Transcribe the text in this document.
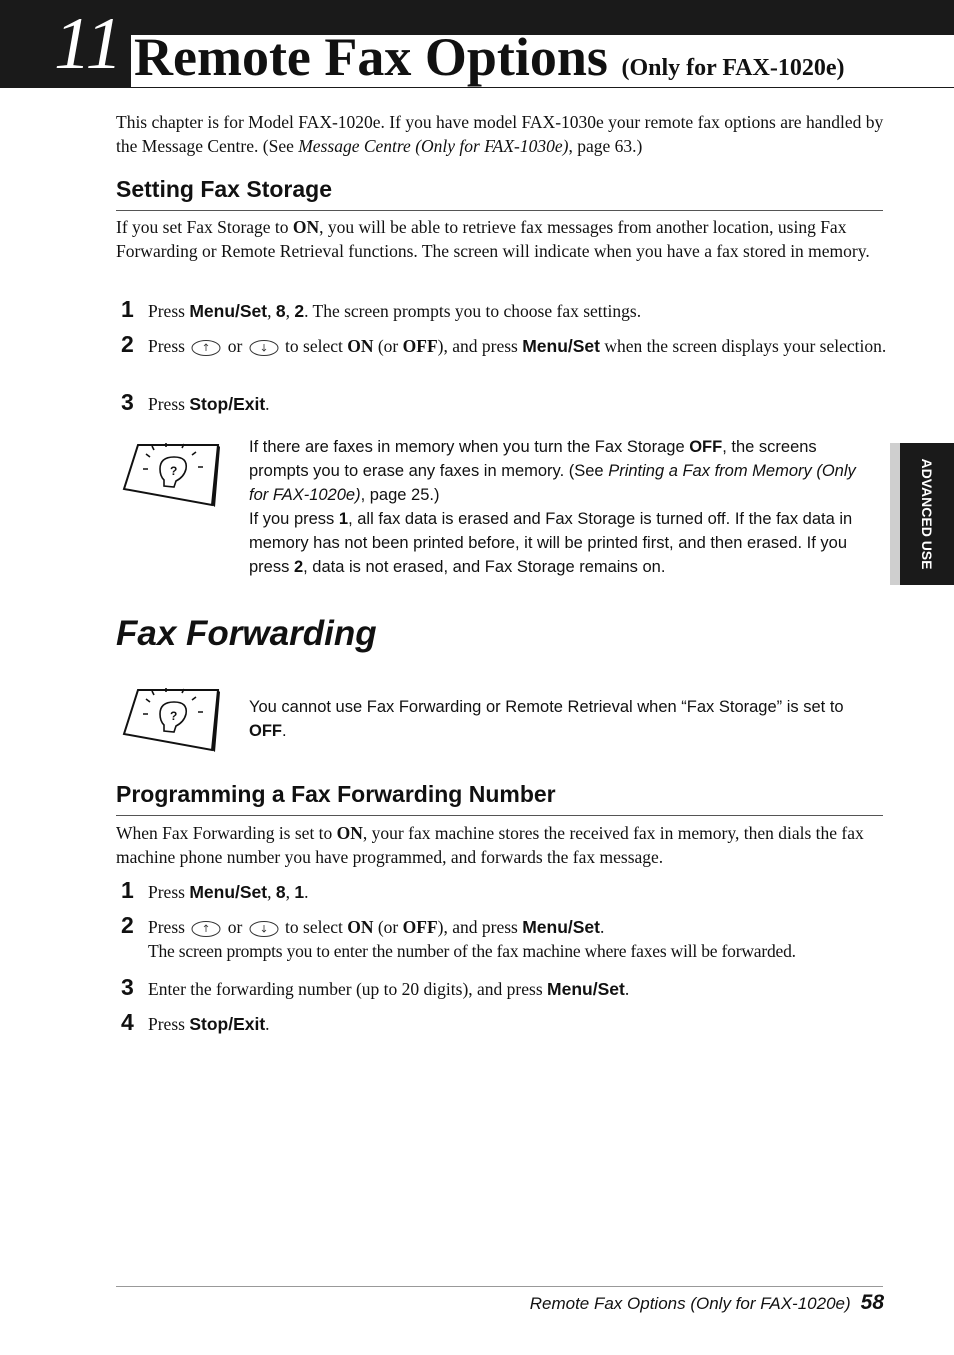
11 Remote Fax Options (Only for FAX-1020e)
This chapter is for Model FAX-1020e. If you have model FAX-1030e your remote fax options are handled by the Message Centre. (See Message Centre (Only for FAX-1030e), page 63.)
Setting Fax Storage
If you set Fax Storage to ON, you will be able to retrieve fax messages from another location, using Fax Forwarding or Remote Retrieval functions. The screen will indicate when you have a fax stored in memory.
1 Press Menu/Set, 8, 2. The screen prompts you to choose fax settings.
2 Press  or  to select ON (or OFF), and press Menu/Set when the screen displays your selection.
3 Press Stop/Exit.
?
If there are faxes in memory when you turn the Fax Storage OFF, the screens prompts you to erase any faxes in memory. (See Printing a Fax from Memory (Only for FAX-1020e), page 25.)
If you press 1, all fax data is erased and Fax Storage is turned off. If the fax data in memory has not been printed before, it will be printed first, and then erased. If you press 2, data is not erased, and Fax Storage remains on.
Fax Forwarding
?	You cannot use Fax Forwarding or Remote Retrieval when “Fax Storage” is set to OFF.
Programming a Fax Forwarding Number
When Fax Forwarding is set to ON, your fax machine stores the received fax in memory, then dials the fax machine phone number you have programmed, and forwards the fax message.
1 Press Menu/Set, 8, 1.
2 Press  or  to select ON (or OFF), and press Menu/Set.
The screen prompts you to enter the number of the fax machine where faxes will be forwarded.
3 Enter the forwarding number (up to 20 digits), and press Menu/Set.
4 Press Stop/Exit.
ADVANCED USE
Remote Fax Options (Only for FAX-1020e) 58
